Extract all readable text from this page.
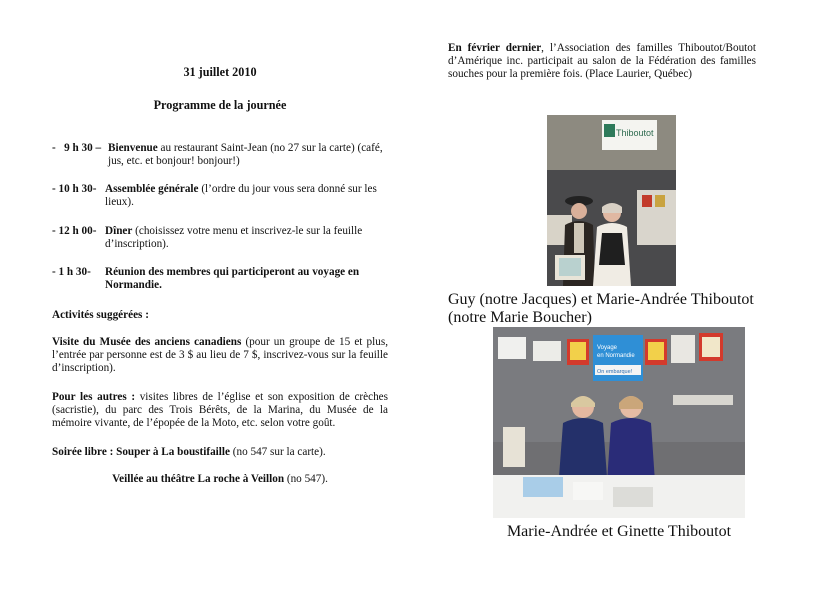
31 juillet 2010
Programme de la journée
-   9 h 30 – Bienvenue au restaurant Saint-Jean (no 27 sur la carte) (café, jus, etc. et bonjour! bonjour!)
- 10 h 30- Assemblée générale (l’ordre du jour vous sera donné sur les lieux).
- 12 h 00- Dîner (choisissez votre menu et inscrivez-le sur la feuille d’inscription).
- 1 h 30- Réunion des membres qui participeront au voyage en Normandie.
Activités suggérées :
Visite du Musée des anciens canadiens (pour un groupe de 15 et plus, l’entrée par personne est de 3 $ au lieu de 7 $, inscrivez-vous sur la feuille d’inscription).
Pour les autres : visites libres de l’église et son exposition de crèches (sacristie), du parc des Trois Bérêts, de la Marina, du Musée de la mémoire vivante, de l’épopée de la Moto, etc. selon votre goût.
Soirée libre : Souper à La boustifaille (no 547 sur la carte).
Veillée au théâtre La roche à Veillon (no 547).
En février dernier, l’Association des familles Thiboutot/Boutot d’Amérique inc. participait au salon de la Fédération des familles souches pour la première fois. (Place Laurier, Québec)
Thiboutot
Guy (notre Jacques) et Marie-Andrée Thiboutot (notre Marie Boucher)
Voyage
en Normandie
On embarque!
Marie-Andrée et Ginette Thiboutot
